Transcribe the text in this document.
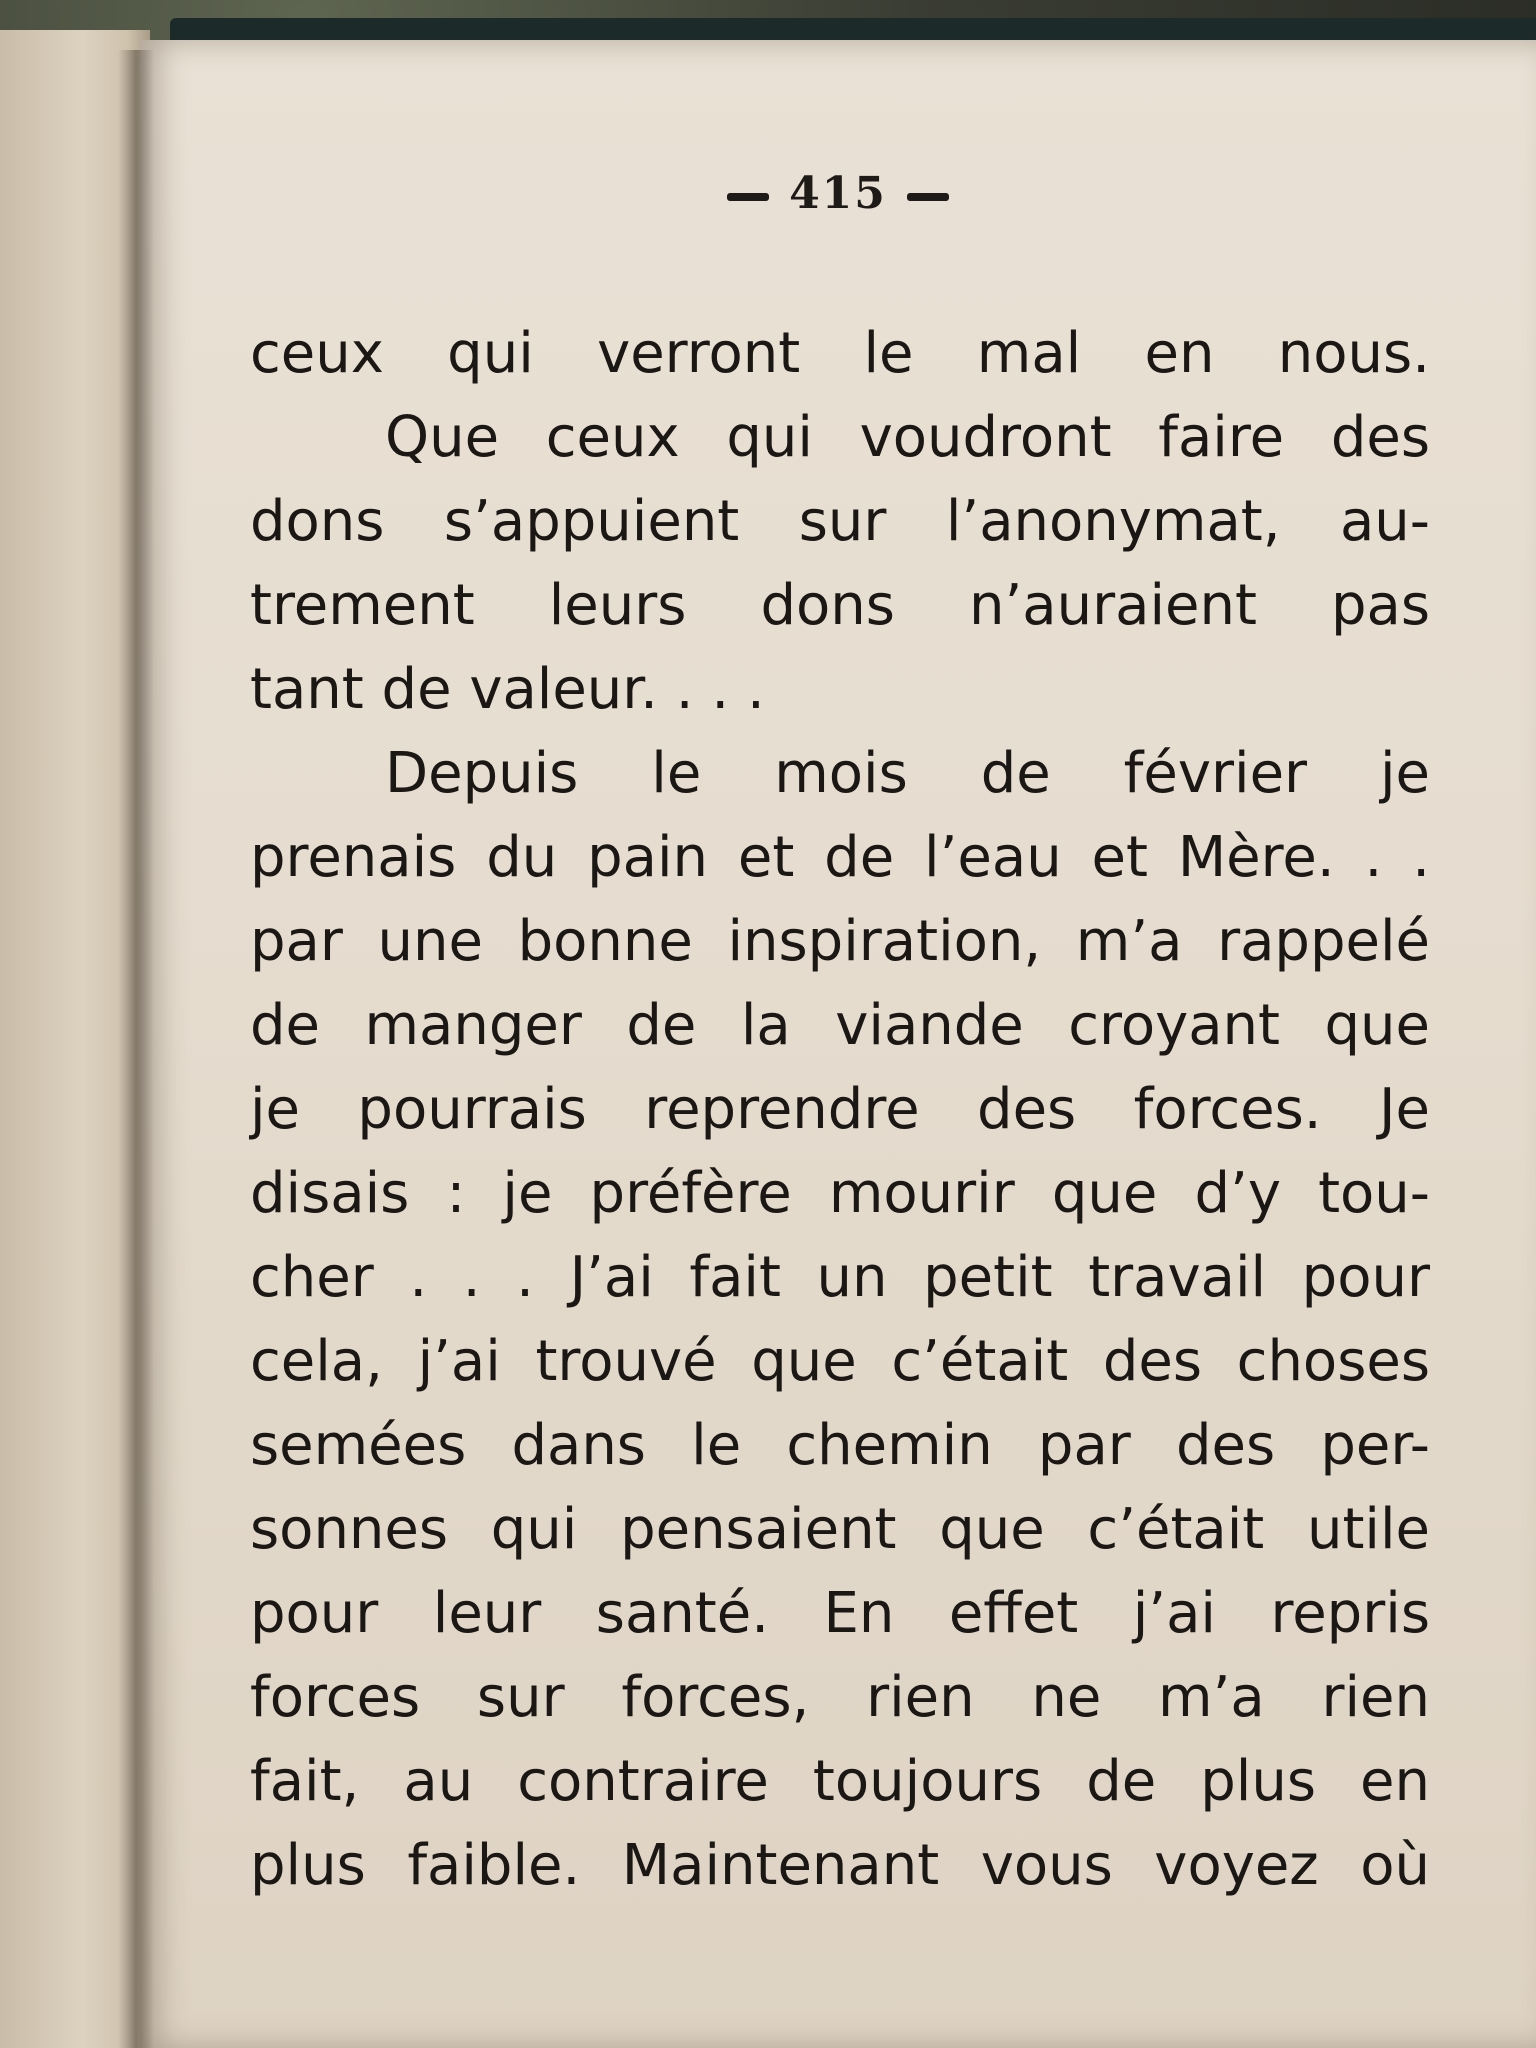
415
ceux qui verront le mal en nous.
Que ceux qui voudront faire des
dons s’appuient sur l’anonymat, au-
trement leurs dons n’auraient pas
tant de valeur. . . .
Depuis le mois de février je
prenais du pain et de l’eau et Mère. . .
par une bonne inspiration, m’a rappelé
de manger de la viande croyant que
je pourrais reprendre des forces. Je
disais : je préfère mourir que d’y tou-
cher . . . J’ai fait un petit travail pour
cela, j’ai trouvé que c’était des choses
semées dans le chemin par des per-
sonnes qui pensaient que c’était utile
pour leur santé. En effet j’ai repris
forces sur forces, rien ne m’a rien
fait, au contraire toujours de plus en
plus faible. Maintenant vous voyez où
